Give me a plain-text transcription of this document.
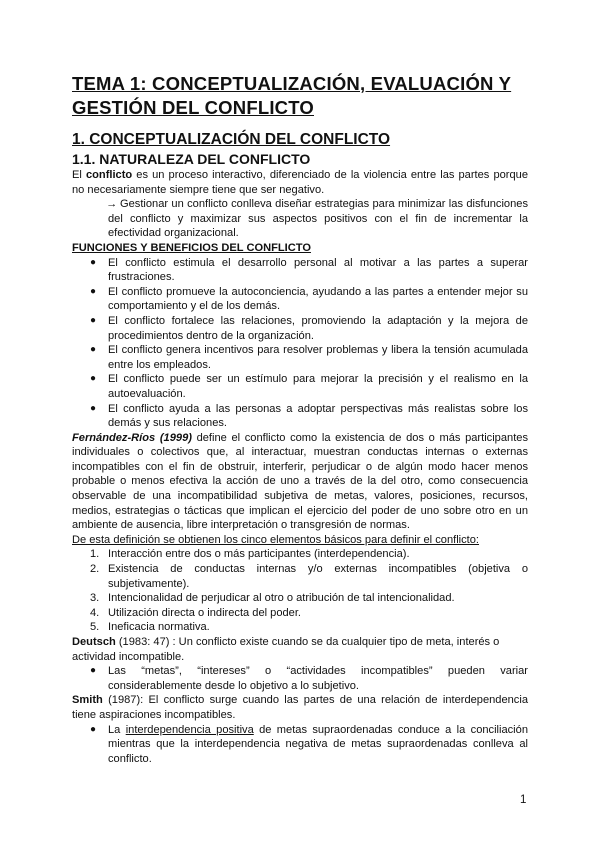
TEMA 1: CONCEPTUALIZACIÓN, EVALUACIÓN Y
GESTIÓN DEL CONFLICTO
1. CONCEPTUALIZACIÓN DEL CONFLICTO
1.1. NATURALEZA DEL CONFLICTO

El conflicto es un proceso interactivo, diferenciado de la violencia entre las partes porque no necesariamente siempre tiene que ser negativo.

→ Gestionar un conflicto conlleva diseñar estrategias para minimizar las disfunciones del conflicto y maximizar sus aspectos positivos con el fin de incrementar la efectividad organizacional.

FUNCIONES Y BENEFICIOS DEL CONFLICTO

● El conflicto estimula el desarrollo personal al motivar a las partes a superar frustraciones.
● El conflicto promueve la autoconciencia, ayudando a las partes a entender mejor su comportamiento y el de los demás.
● El conflicto fortalece las relaciones, promoviendo la adaptación y la mejora de procedimientos dentro de la organización.
● El conflicto genera incentivos para resolver problemas y libera la tensión acumulada entre los empleados.
● El conflicto puede ser un estímulo para mejorar la precisión y el realismo en la autoevaluación.
● El conflicto ayuda a las personas a adoptar perspectivas más realistas sobre los demás y sus relaciones.

Fernández-Ríos (1999) define el conflicto como la existencia de dos o más participantes individuales o colectivos que, al interactuar, muestran conductas internas o externas incompatibles con el fin de obstruir, interferir, perjudicar o de algún modo hacer menos probable o menos efectiva la acción de uno a través de la del otro, como consecuencia observable de una incompatibilidad subjetiva de metas, valores, posiciones, recursos, medios, estrategias o tácticas que implican el ejercicio del poder de uno sobre otro en un ambiente de ausencia, libre interpretación o transgresión de normas.

De esta definición se obtienen los cinco elementos básicos para definir el conflicto:

1. Interacción entre dos o más participantes (interdependencia).
2. Existencia de conductas internas y/o externas incompatibles (objetiva o subjetivamente).
3. Intencionalidad de perjudicar al otro o atribución de tal intencionalidad.
4. Utilización directa o indirecta del poder.
5. Ineficacia normativa.

Deutsch (1983: 47) : Un conflicto existe cuando se da cualquier tipo de meta, interés o actividad incompatible.

● Las “metas”, “intereses” o “actividades incompatibles” pueden variar considerablemente desde lo objetivo a lo subjetivo.

Smith (1987): El conflicto surge cuando las partes de una relación de interdependencia tiene aspiraciones incompatibles.

● La interdependencia positiva de metas supraordenadas conduce a la conciliación mientras que la interdependencia negativa de metas supraordenadas conlleva al conflicto.
1
